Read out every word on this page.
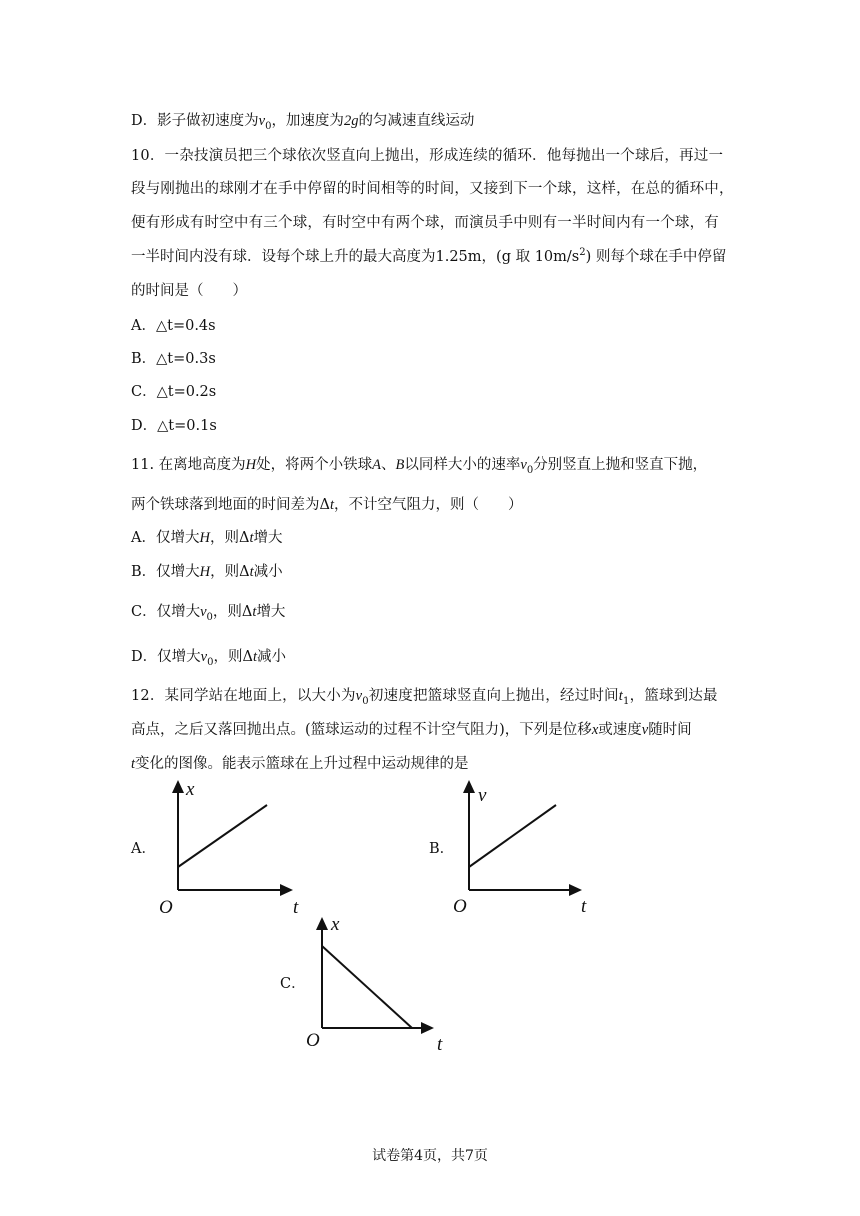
D．影子做初速度为$v_0$，加速度为2g的匀减速直线运动
10．一杂技演员把三个球依次竖直向上抛出，形成连续的循环．他每抛出一个球后，再过一
段与刚抛出的球刚才在手中停留的时间相等的时间，又接到下一个球，这样，在总的循环中，
便有形成有时空中有三个球，有时空中有两个球，而演员手中则有一半时间内有一个球，有
一半时间内没有球．设每个球上升的最大高度为1.25m，(g 取 $10m/s^2$) 则每个球在手中停留
的时间是（　　）
A．△t=0.4s
B．△t=0.3s
C．△t=0.2s
D．△t=0.1s
11. 在离地高度为H处，将两个小铁球A、B以同样大小的速率$v_0$分别竖直上抛和竖直下抛，
两个铁球落到地面的时间差为Δt，不计空气阻力，则（　　）
A．仅增大H，则Δt增大
B．仅增大H，则Δt减小
C．仅增大$v_0$，则Δt增大
D．仅增大$v_0$，则Δt减小
12．某同学站在地面上，以大小为$v_0$初速度把篮球竖直向上抛出，经过时间$t_1$，篮球到达最
高点，之后又落回抛出点。(篮球运动的过程不计空气阻力)，下列是位移x或速度v随时间
t变化的图像。能表示篮球在上升过程中运动规律的是
A．
x
O	t
B．
v
O	t
C．
x
O	t
试卷第4页，共7页
